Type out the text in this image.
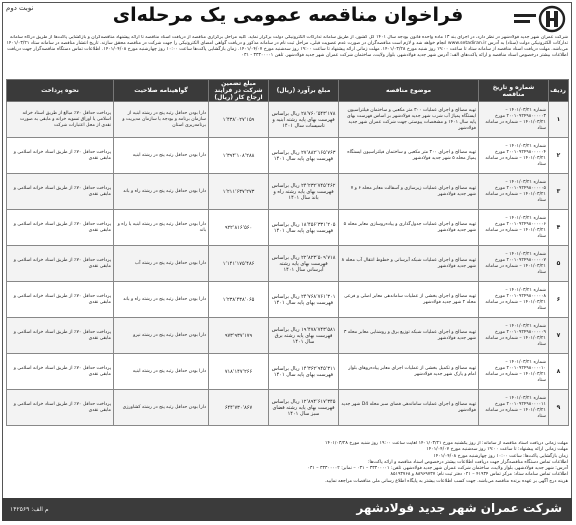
نوبت دوم	فراخوان مناقصه عمومی یک مرحله‌ای
شرکت عمران شهر جدید فولادشهر در نظر دارد، در اجرای بند ۱۳ ماده واحده قانون بودجه سال ۱۴۰۱ کل کشور، از طریق سامانه تدارکات الکترونیکی دولت برگزار نماید. کلیه مراحل برگزاری مناقصه از دریافت اسناد مناقصه تا ارائه پیشنهاد مناقصه‌گران و بازگشایی پاکت‌ها از طریق درگاه سامانه تدارکات الکترونیکی دولت (ستاد) به آدرس www.setadiran.ir انجام خواهد شد و لازم است مناقصه‌گران در صورت عدم عضویت قبلی، مراحل ثبت نام در سامانه مذکور و دریافت گواهی امضای الکترونیکی را جهت شرکت در مناقصه محقق سازند. تاریخ انتشار مناقصه در سامانه ستاد ۱۴۰۱/۰۳/۲۱ می‌باشد. مهلت دریافت اسناد مناقصه از سامانه ستاد تا ساعت ۱۹:۰۰ روز شنبه مورخ ۱۴۰۱/۰۳/۲۸. مهلت زمانی ارائه پیشنهاد تا ساعت ۱۹:۰۰ روز سه‌شنبه مورخ ۱۴۰۱/۰۴/۰۷. زمان بازگشایی پاکت‌ها ساعت ۱۰:۰۰ روز چهارشنبه مورخ ۱۴۰۱/۰۴/۰۸. اطلاعات تماس دستگاه مناقصه‌گزار جهت دریافت اطلاعات بیشتر درخصوص اسناد مناقصه و ارائه پاکت‌های الف: آدرس شهر جدید فولادشهر، بلوار ولایت، ساختمان شرکت عمران شهر جدید فولادشهر. تلفن ۳۳۳۰۰۰۰۱ - ۰۳۱
ردیف	شماره و تاریخ مناقصه	موضوع مناقصه	مبلغ برآورد (ریال)	مبلغ تضمین شرکت در فرایند ارجاع کار (ریال)	گواهینامه صلاحیت	نحوه پرداخت
۱	شماره ۱۴۰۱/۰۳/۲۱ – ۲۰۰۱۰۹۲۴۹۸۰۰۰۰۰۳ مورخ ۱۴۰۱/۰۳/۲۱ – شماره در سامانه ستاد	تهیه مصالح و اجرای عملیات ۳۰۰ متر مکعبی و ساختمان فیلتراسیون ایستگاه پمپاژ آب شرب شهر جدید فولادشهر بر اساس فهرست بهای پایه سال ۱۴۰۱ و مشخصات پیوستی جهت شرکت عمران شهر جدید فولادشهر	۲۸٬۷۶۰٬۵۴۳٬۱۷۸ ریال براساس فهرست بهای پایه رشته ابنیه و تاسیسات سال ۱۴۰۱	۱٬۴۳۸٬۰۲۷٬۱۵۹	دارا بودن حداقل رتبه پنج در رشته ابنیه از سازمان برنامه و بودجه یا سازمان مدیریت و برنامه‌ریزی استان	پرداخت حداقل ۷۰٪ مبالغ از طریق اسناد خزانه اسلامی یا اوراق تسویه خزانه و مابقی به صورت نقدی از محل اعتبارات شرکت
۲	شماره ۱۴۰۱/۰۳/۲۱ – ۲۰۰۱۰۹۲۴۹۸۰۰۰۰۰۴ مورخ ۱۴۰۱/۰۳/۲۱ – شماره در سامانه ستاد	تهیه مصالح و اجرای ۳۰۰ متر مکعبی و ساختمان فیلتراسیون ایستگاه پمپاژ محله ۵ شهر جدید فولادشهر	۲۷٬۸۸۲٬۱۶۵٬۷۶۳ ریال براساس فهرست بهای پایه سال ۱۴۰۱	۱٬۳۹۴٬۱۰۸٬۲۸۸	دارا بودن حداقل رتبه پنج در رشته ابنیه	پرداخت حداقل ۷۰٪ از طریق اسناد خزانه اسلامی و مابقی نقدی
۳	شماره ۱۴۰۱/۰۳/۲۱ – ۲۰۰۱۰۹۲۴۹۸۰۰۰۰۰۵ مورخ ۱۴۰۱/۰۳/۲۱ – شماره در سامانه ستاد	تهیه مصالح و اجرای عملیات زیرسازی و آسفالت معابر محله ۶ و ۷ شهر جدید فولادشهر	۲۴٬۲۳۲٬۷۴۵٬۴۶۲ ریال براساس فهرست بهای پایه رشته راه و باند سال ۱۴۰۱	۱٬۲۱۱٬۶۳۷٬۲۷۳	دارا بودن حداقل رتبه پنج در رشته راه و باند	پرداخت حداقل ۷۰٪ از طریق اسناد خزانه اسلامی و مابقی نقدی
۴	شماره ۱۴۰۱/۰۳/۲۱ – ۲۰۰۱۰۹۲۴۹۸۰۰۰۰۰۶ مورخ ۱۴۰۱/۰۳/۲۱ – شماره در سامانه ستاد	تهیه مصالح و اجرای عملیات جدول‌گذاری و پیاده‌روسازی معابر محله ۵ شهر جدید فولادشهر	۱۸٬۴۵۶٬۳۳۱٬۲۰۵ ریال براساس فهرست بهای پایه سال ۱۴۰۱	۹۲۲٬۸۱۶٬۵۶۰	دارا بودن حداقل رتبه پنج در رشته ابنیه یا راه و باند	پرداخت حداقل ۷۰٪ از طریق اسناد خزانه اسلامی و مابقی نقدی
۵	شماره ۱۴۰۱/۰۳/۲۱ – ۲۰۰۱۰۹۲۴۹۸۰۰۰۰۰۷ مورخ ۱۴۰۱/۰۳/۲۱ – شماره در سامانه ستاد	تهیه مصالح و اجرای عملیات شبکه آبرسانی و خطوط انتقال آب محله ۸ شهر جدید فولادشهر	۲۲٬۸۲۳٬۵۰۹٬۷۱۸ ریال براساس فهرست بهای پایه رشته آبرسانی سال ۱۴۰۱	۱٬۱۴۱٬۱۷۵٬۴۸۶	دارا بودن حداقل رتبه پنج در رشته آب	پرداخت حداقل ۷۰٪ از طریق اسناد خزانه اسلامی و مابقی نقدی
۶	شماره ۱۴۰۱/۰۳/۲۱ – ۲۰۰۱۰۹۲۴۹۸۰۰۰۰۰۸ مورخ ۱۴۰۱/۰۳/۲۱ – شماره در سامانه ستاد	تهیه مصالح و اجرای بخشی از عملیات ساماندهی معابر اصلی و فرعی محله ۲ شهر جدید فولادشهر	۲۴٬۷۶۸٬۷۶۱٬۳۰۱ ریال براساس فهرست بهای پایه سال ۱۴۰۱	۱٬۲۳۸٬۴۳۸٬۰۶۵	دارا بودن حداقل رتبه پنج در رشته راه و باند	پرداخت حداقل ۷۰٪ از طریق اسناد خزانه اسلامی و مابقی نقدی
۷	شماره ۱۴۰۱/۰۳/۲۱ – ۲۰۰۱۰۹۲۴۹۸۰۰۰۰۰۹ مورخ ۱۴۰۱/۰۳/۲۱ – شماره در سامانه ستاد	تهیه مصالح و اجرای عملیات شبکه توزیع برق و روشنایی معابر محله ۳ شهر جدید فولادشهر	۱۹٬۴۷۸٬۷۴۳٬۵۸۱ ریال براساس فهرست بهای پایه رشته برق سال ۱۴۰۱	۹۷۳٬۹۳۷٬۱۷۹	دارا بودن حداقل رتبه پنج در رشته نیرو	پرداخت حداقل ۷۰٪ از طریق اسناد خزانه اسلامی و مابقی نقدی
۸	شماره ۱۴۰۱/۰۳/۲۱ – ۲۰۰۱۰۹۲۴۹۸۰۰۰۰۱۰ مورخ ۱۴۰۱/۰۳/۲۱ – شماره در سامانه ستاد	تهیه مصالح و تکمیل بخشی از عملیات اجرای معابر پیاده‌روهای بلوار امام و پارک شهر جدید فولادشهر	۱۴٬۳۶۲٬۹۴۵٬۳۱۱ ریال براساس فهرست بهای پایه سال ۱۴۰۱	۷۱۸٬۱۴۷٬۲۶۶	دارا بودن حداقل رتبه پنج در رشته ابنیه	پرداخت حداقل ۷۰٪ از طریق اسناد خزانه اسلامی و مابقی نقدی
۹	شماره ۱۴۰۱/۰۳/۲۱ – ۲۰۰۱۰۹۲۴۹۸۰۰۰۰۱۱ مورخ ۱۴۰۱/۰۳/۲۱ – شماره در سامانه ستاد	تهیه مصالح و اجرای عملیات ساماندهی فضای سبز محله D4 شهر جدید فولادشهر	۱۲٬۸۹۴٬۶۱۷٬۳۴۵ ریال براساس فهرست بهای پایه رشته فضای سبز سال ۱۴۰۱	۶۴۴٬۷۳۰٬۸۶۷	دارا بودن حداقل رتبه پنج در رشته کشاورزی	پرداخت حداقل ۷۰٪ از طریق اسناد خزانه اسلامی و مابقی نقدی
مهلت زمانی دریافت اسناد مناقصه از سامانه: از روز یکشنبه مورخ ۱۴۰۱/۰۳/۲۱ لغایت ساعت ۱۹:۰۰ روز شنبه مورخ ۱۴۰۱/۰۳/۲۸
مهلت زمانی ارائه پیشنهاد: تا ساعت ۱۹:۰۰ روز سه‌شنبه مورخ ۱۴۰۱/۰۴/۰۷
زمان بازگشایی پاکت‌ها: ساعت ۱۰:۰۰ روز چهارشنبه مورخ ۱۴۰۱/۰۴/۰۸
اطلاعات تماس دستگاه مناقصه‌گزار جهت دریافت اطلاعات بیشتر درخصوص اسناد مناقصه و ارائه پاکت‌ها:
آدرس: شهر جدید فولادشهر، بلوار ولایت، ساختمان شرکت عمران شهر جدید فولادشهر، تلفن: ۳۳۳۰۰۰۰۱ – ۰۳۱ – نمابر: ۳۳۳۰۰۰۰۲ – ۰۳۱
اطلاعات تماس سامانه ستاد: مرکز تماس ۴۱۹۳۴ – ۰۲۱ دفتر ثبت نام: ۸۸۹۶۹۷۳۷ و ۸۵۱۹۳۷۶۸
هزینه درج آگهی بر عهده برنده مناقصه می‌باشد. جهت کسب اطلاعات بیشتر به پایگاه اطلاع رسانی ملی مناقصات مراجعه نمایید.
شرکت عمران شهر جدید فولادشهر
م الف: ۱۴۲۵۶۹
